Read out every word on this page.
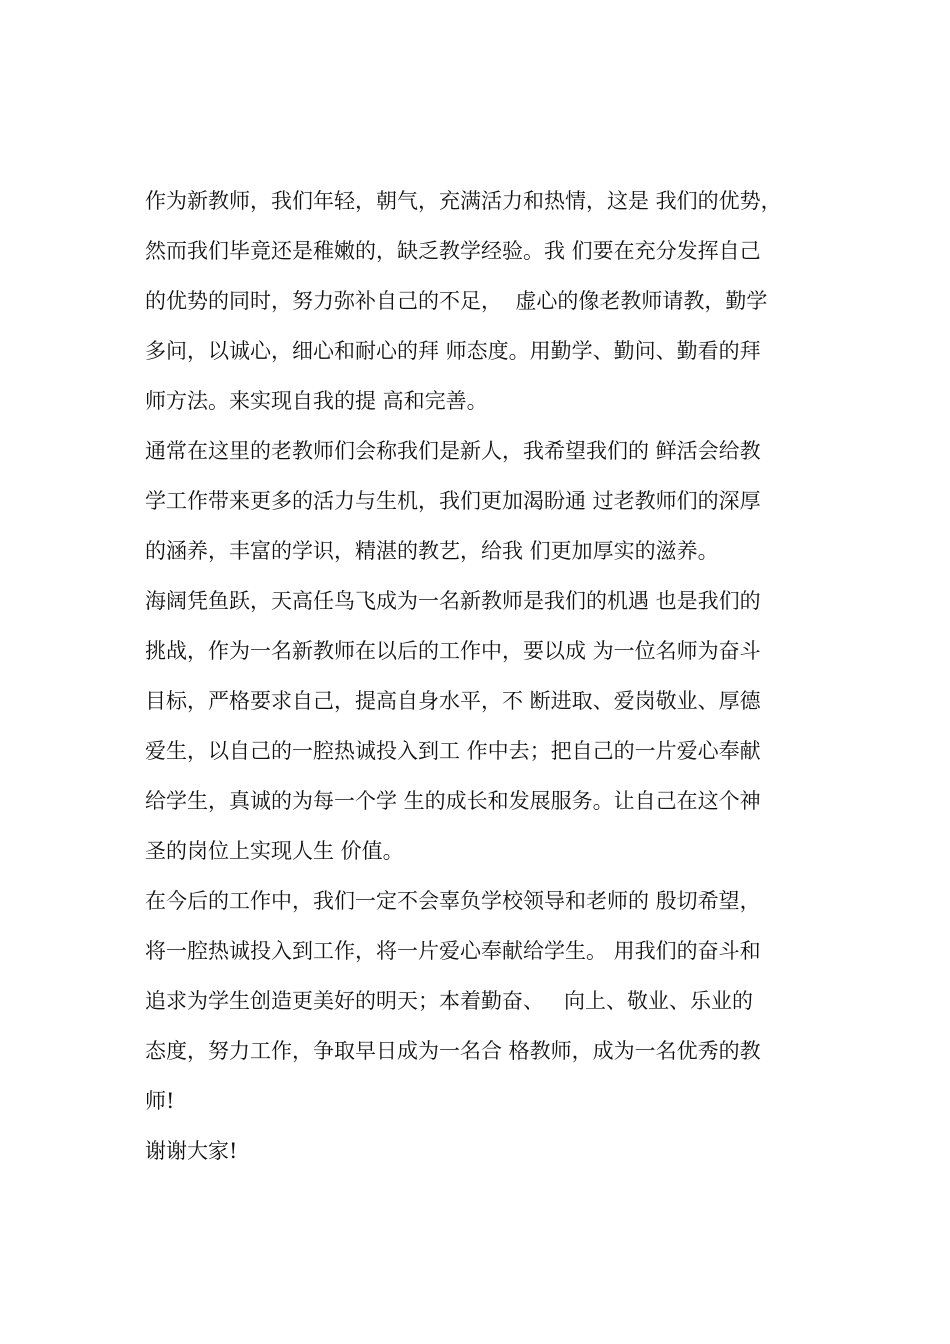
作为新教师，我们年轻，朝气，充满活力和热情，这是 我们的优势，
然而我们毕竟还是稚嫩的，缺乏教学经验。我 们要在充分发挥自己
的优势的同时，努力弥补自己的不足，  虚心的像老教师请教，勤学
多问，以诚心，细心和耐心的拜 师态度。用勤学、勤问、勤看的拜
师方法。来实现自我的提 高和完善。
通常在这里的老教师们会称我们是新人，我希望我们的 鲜活会给教
学工作带来更多的活力与生机，我们更加渴盼通 过老教师们的深厚
的涵养，丰富的学识，精湛的教艺，给我 们更加厚实的滋养。
海阔凭鱼跃，天高任鸟飞成为一名新教师是我们的机遇 也是我们的
挑战，作为一名新教师在以后的工作中，要以成 为一位名师为奋斗
目标，严格要求自己，提高自身水平，不 断进取、爱岗敬业、厚德
爱生，以自己的一腔热诚投入到工 作中去；把自己的一片爱心奉献
给学生，真诚的为每一个学 生的成长和发展服务。让自己在这个神
圣的岗位上实现人生 价值。
在今后的工作中，我们一定不会辜负学校领导和老师的 殷切希望，
将一腔热诚投入到工作，将一片爱心奉献给学生。 用我们的奋斗和
追求为学生创造更美好的明天；本着勤奋、   向上、敬业、乐业的
态度，努力工作，争取早日成为一名合 格教师，成为一名优秀的教
师!
谢谢大家!
